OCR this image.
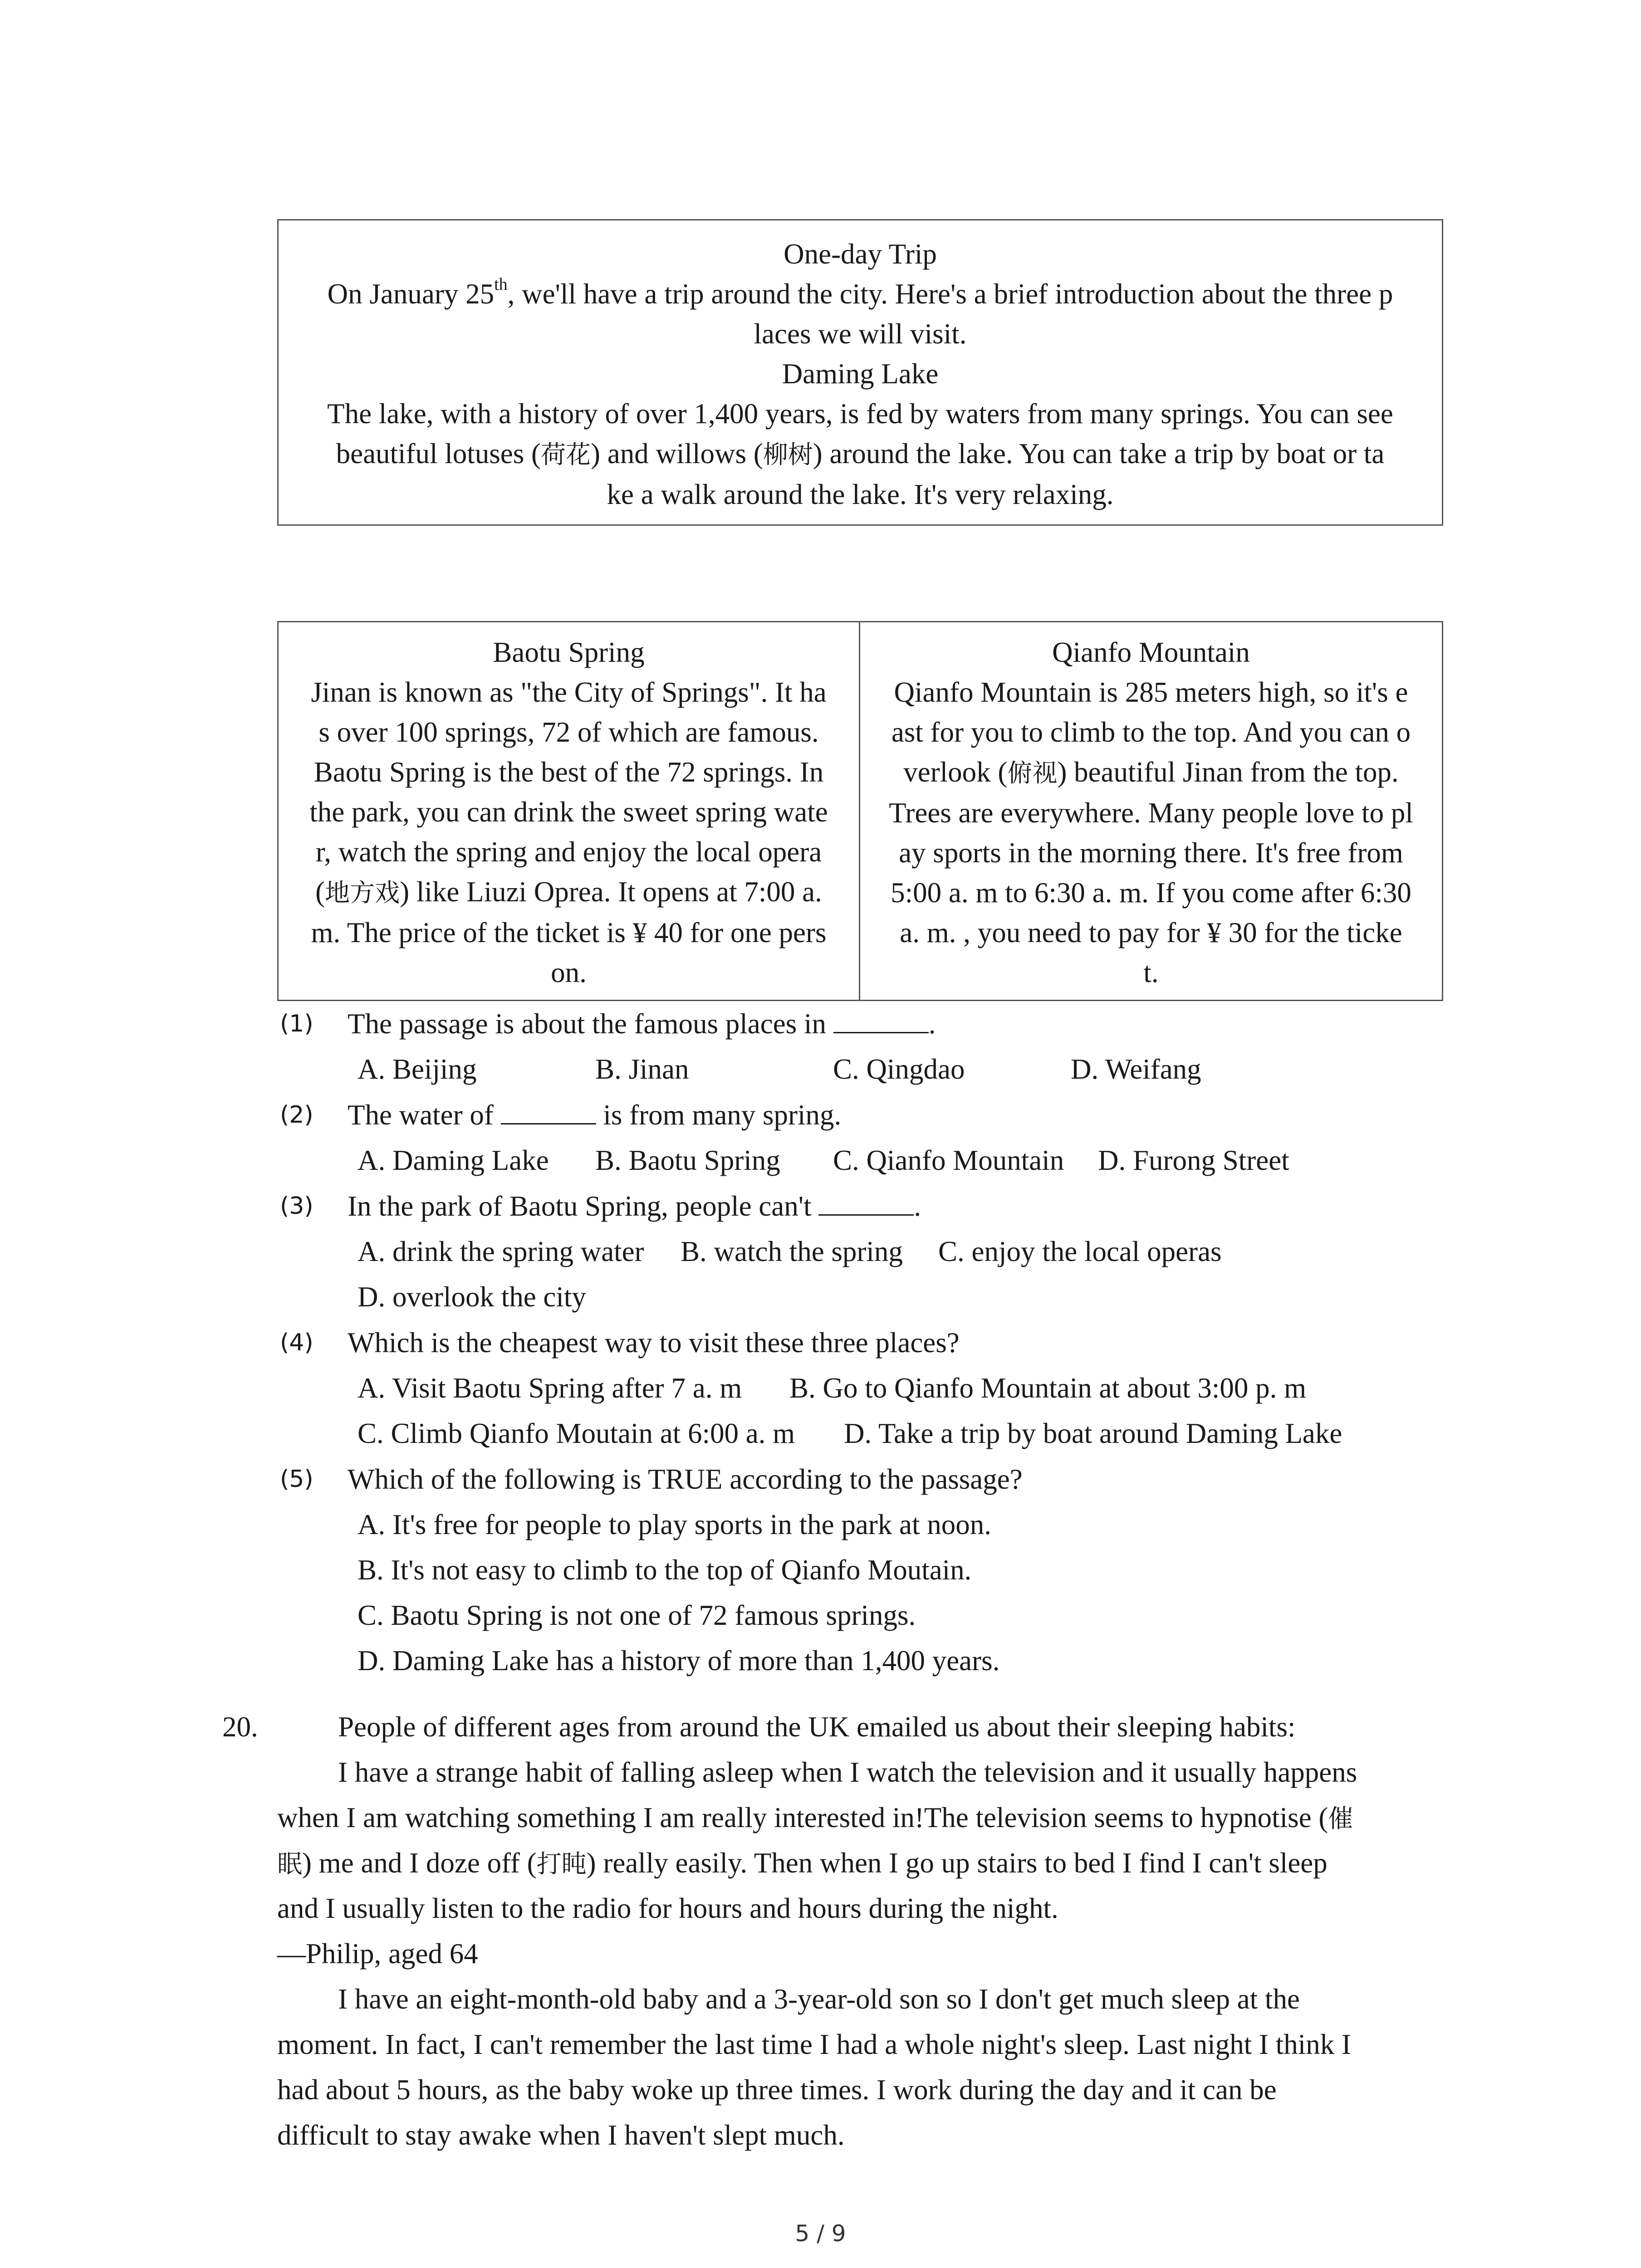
One-day Trip

On January 25th, we'll have a trip around the city. Here's a brief introduction about the three p

laces we will visit.

Daming Lake

The lake, with a history of over 1,400 years, is fed by waters from many springs. You can see

beautiful lotuses (荷花) and willows (柳树) around the lake. You can take a trip by boat or ta

ke a walk around the lake. It's very relaxing.

Baotu Spring

Jinan is known as "the City of Springs". It ha

s over 100 springs, 72 of which are famous.

Baotu Spring is the best of the 72 springs. In

the park, you can drink the sweet spring wate

r, watch the spring and enjoy the local opera

(地方戏) like Liuzi Oprea. It opens at 7:00 a.

m. The price of the ticket is ¥ 40 for one pers

on.

Qianfo Mountain

Qianfo Mountain is 285 meters high, so it's e

ast for you to climb to the top. And you can o

verlook (俯视) beautiful Jinan from the top.

Trees are everywhere. Many people love to pl

ay sports in the morning there. It's free from

5:00 a. m to 6:30 a. m. If you come after 6:30

a. m. , you need to pay for ¥ 30 for the ticke

t.

(1) The passage is about the famous places in	.
A. Beijing	B. Jinan	C. Qingdao	D. Weifang
(2) The water of	is from many spring.
A. Daming Lake B. Baotu Spring C. Qianfo Mountain D. Furong Street
(3) In the park of Baotu Spring, people can't	.
A. drink the spring water B. watch the spring C. enjoy the local operas
D. overlook the city
(4) Which is the cheapest way to visit these three places?
A. Visit Baotu Spring after 7 a. m B. Go to Qianfo Mountain at about 3:00 p. m
C. Climb Qianfo Moutain at 6:00 a. m D. Take a trip by boat around Daming Lake
(5) Which of the following is TRUE according to the passage?
A. It's free for people to play sports in the park at noon.
B. It's not easy to climb to the top of Qianfo Moutain.
C. Baotu Spring is not one of 72 famous springs.
D. Daming Lake has a history of more than 1,400 years.
20.	People of different ages from around the UK emailed us about their sleeping habits:
I have a strange habit of falling asleep when I watch the television and it usually happens
when I am watching something I am really interested in!The television seems to hypnotise (催
眠) me and I doze off (打盹) really easily. Then when I go up stairs to bed I find I can't sleep
and I usually listen to the radio for hours and hours during the night.
—Philip, aged 64
I have an eight-month-old baby and a 3-year-old son so I don't get much sleep at the
moment. In fact, I can't remember the last time I had a whole night's sleep. Last night I think I
had about 5 hours, as the baby woke up three times. I work during the day and it can be
difficult to stay awake when I haven't slept much.
5 / 9
